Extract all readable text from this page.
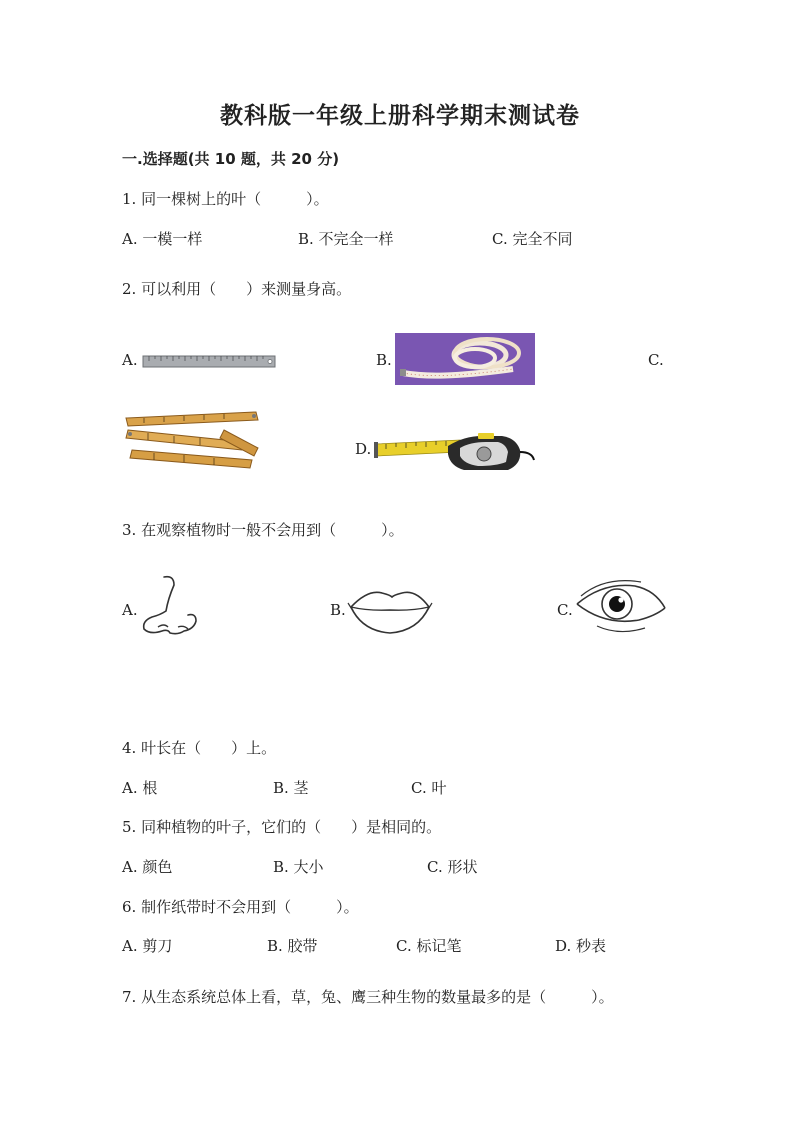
教科版一年级上册科学期末测试卷
一.选择题(共 10 题，共 20 分)
1. 同一棵树上的叶（　　　）。
A. 一模一样	B. 不完全一样	C. 完全不同
2. 可以利用（　　）来测量身高。
A.	B.	C.
D.
3. 在观察植物时一般不会用到（　　　）。
A.	B.	C.
4. 叶长在（　　）上。
A. 根	B. 茎	C. 叶
5. 同种植物的叶子，它们的（　　）是相同的。
A. 颜色	B. 大小	C. 形状
6. 制作纸带时不会用到（　　　）。
A. 剪刀	B. 胶带	C. 标记笔	D. 秒表
7. 从生态系统总体上看，草，兔、鹰三种生物的数量最多的是（　　　）。
